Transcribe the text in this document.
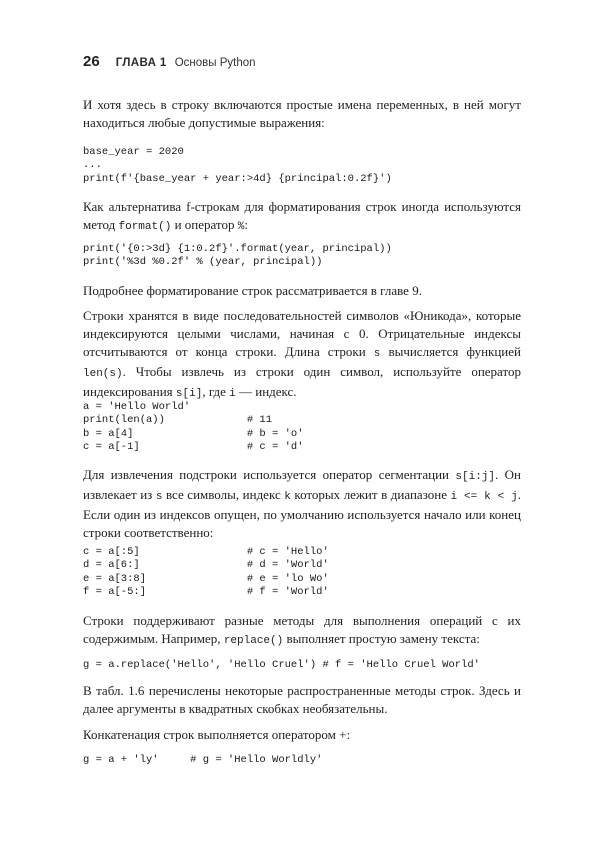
26 ГЛАВА 1 Основы Python

И хотя здесь в строку включаются простые имена переменных, в ней могут находиться любые допустимые выражения:

base_year = 2020
...
print(f'{base_year + year:>4d} {principal:0.2f}')

Как альтернатива f-строкам для форматирования строк иногда используются метод format() и оператор %:

print('{0:>3d} {1:0.2f}'.format(year, principal))
print('%3d %0.2f' % (year, principal))

Подробнее форматирование строк рассматривается в главе 9.

Строки хранятся в виде последовательностей символов «Юникода», которые индексируются целыми числами, начиная с 0. Отрицательные индексы отсчитываются от конца строки. Длина строки s вычисляется функцией len(s). Чтобы извлечь из строки один символ, используйте оператор индексирования s[i], где i — индекс.

a = 'Hello World'
print(len(a))             # 11
b = a[4]                  # b = 'o'
c = a[-1]                 # c = 'd'

Для извлечения подстроки используется оператор сегментации s[i:j]. Он извлекает из s все символы, индекс k которых лежит в диапазоне i <= k < j. Если один из индексов опущен, по умолчанию используется начало или конец строки соответственно:

c = a[:5]                 # c = 'Hello'
d = a[6:]                 # d = 'World'
e = a[3:8]                # e = 'lo Wo'
f = a[-5:]                # f = 'World'

Строки поддерживают разные методы для выполнения операций с их содержимым. Например, replace() выполняет простую замену текста:

g = a.replace('Hello', 'Hello Cruel') # f = 'Hello Cruel World'

В табл. 1.6 перечислены некоторые распространенные методы строк. Здесь и далее аргументы в квадратных скобках необязательны.

Конкатенация строк выполняется оператором +:

g = a + 'ly'     # g = 'Hello Worldly'
